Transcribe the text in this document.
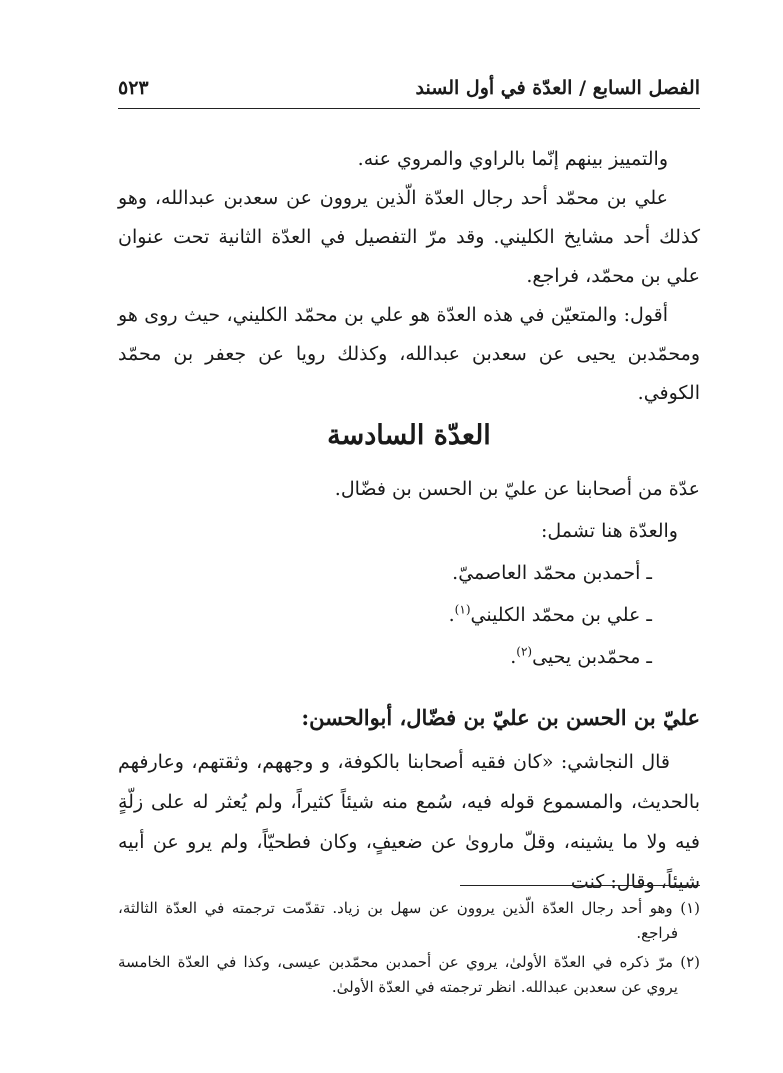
الفصل السابع / العدّة في أول السند
٥٢٣

والتمييز بينهم إنّما بالراوي والمروي عنه.

علي بن محمّد أحد رجال العدّة الّذين يروون عن سعدبن عبدالله، وهو كذلك أحد مشايخ الكليني. وقد مرّ التفصيل في العدّة الثانية تحت عنوان علي بن محمّد، فراجع.

أقول: والمتعيّن في هذه العدّة هو علي بن محمّد الكليني، حيث روى هو ومحمّدبن يحيى عن سعدبن عبدالله، وكذلك رويا عن جعفر بن محمّد الكوفي.

العدّة السادسة

عدّة من أصحابنا عن عليّ بن الحسن بن فضّال.

والعدّة هنا تشمل:

ـ أحمدبن محمّد العاصميّ.
ـ علي بن محمّد الكليني$^{(١)}$.
ـ محمّدبن يحيى$^{(٢)}$.
عليّ بن الحسن بن عليّ بن فضّال، أبوالحسن:

قال النجاشي: «كان فقيه أصحابنا بالكوفة، و وجههم، وثقتهم، وعارفهم بالحديث، والمسموع قوله فيه، سُمع منه شيئاً كثيراً، ولم يُعثر له على زلّةٍ فيه ولا ما يشينه، وقلّ ماروىٰ عن ضعيفٍ، وكان فطحيّاً، ولم يرو عن أبيه شيئاً، وقال: كنت

(١) وهو أحد رجال العدّة الّذين يروون عن سهل بن زياد. تقدّمت ترجمته في العدّة الثالثة، فراجع.

(٢) مرّ ذكره في العدّة الأولىٰ، يروي عن أحمدبن محمّدبن عيسى، وكذا في العدّة الخامسة يروي عن سعدبن عبدالله. انظر ترجمته في العدّة الأولىٰ.
